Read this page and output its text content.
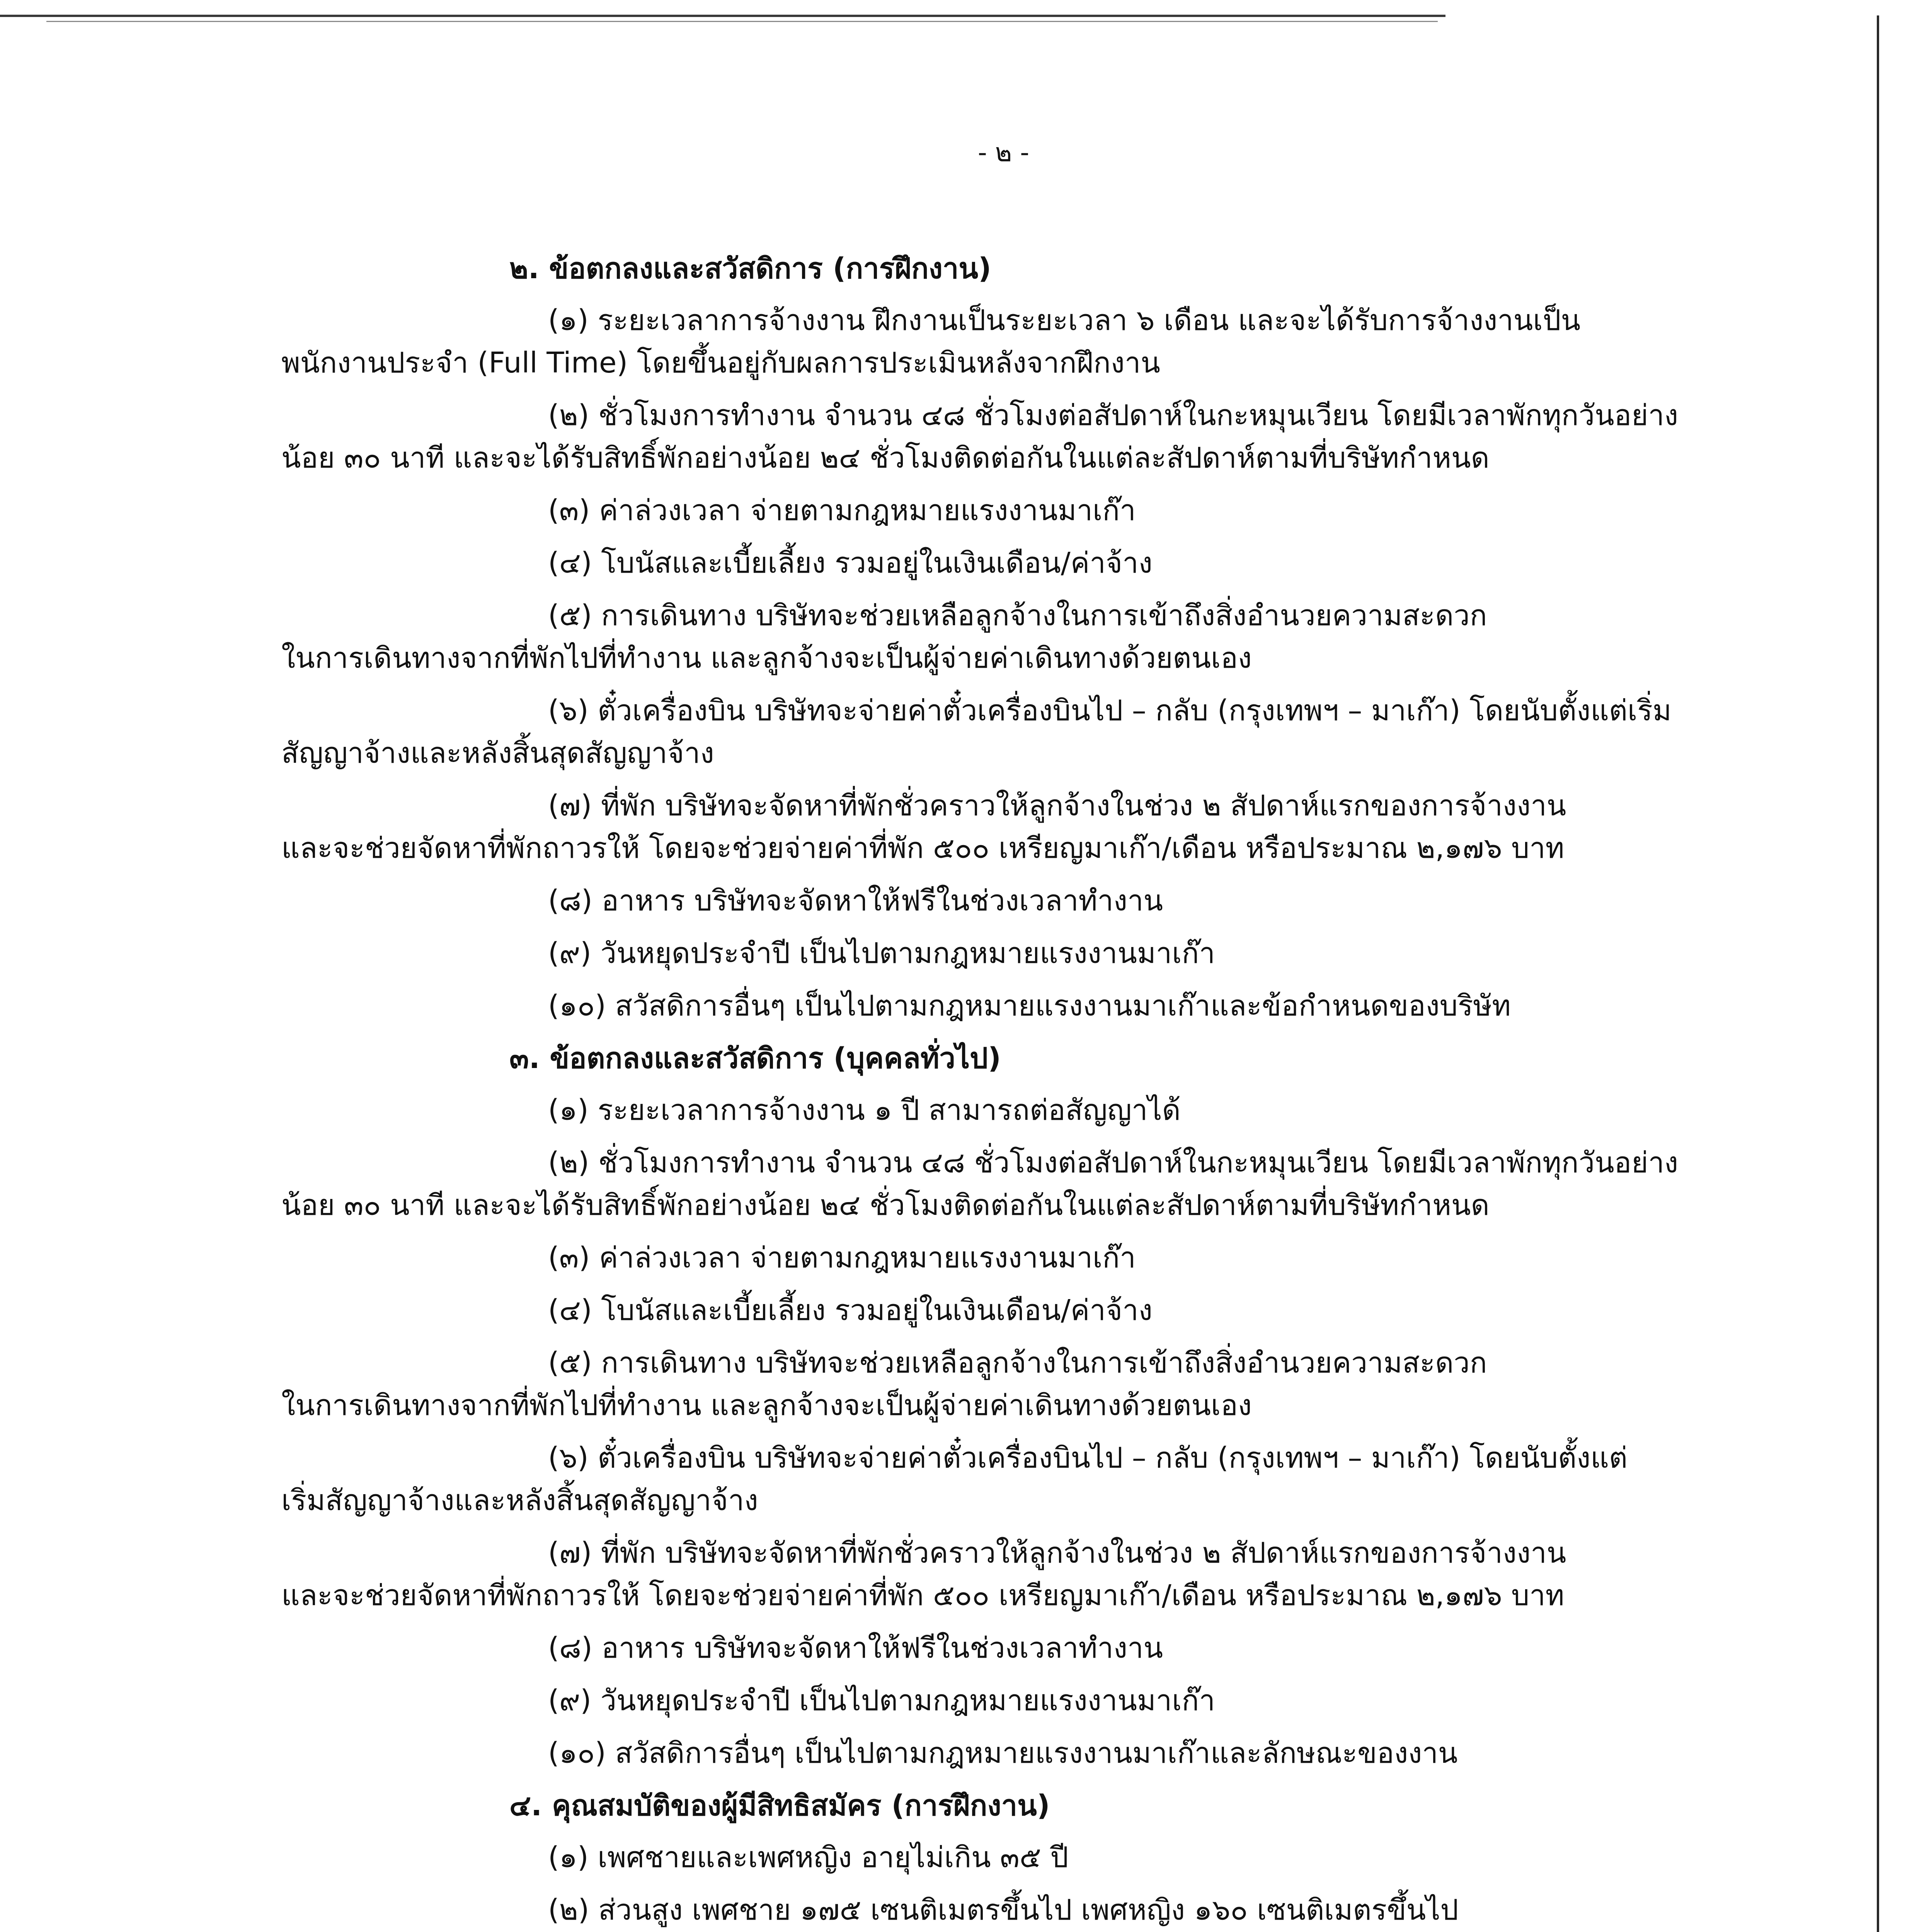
- ๒ -
๒. ข้อตกลงและสวัสดิการ (การฝึกงาน)
(๑) ระยะเวลาการจ้างงาน ฝึกงานเป็นระยะเวลา ๖ เดือน และจะได้รับการจ้างงานเป็น
พนักงานประจำ (Full Time) โดยขึ้นอยู่กับผลการประเมินหลังจากฝึกงาน
(๒) ชั่วโมงการทำงาน จำนวน ๔๘ ชั่วโมงต่อสัปดาห์ในกะหมุนเวียน โดยมีเวลาพักทุกวันอย่าง
น้อย ๓๐ นาที และจะได้รับสิทธิ์พักอย่างน้อย ๒๔ ชั่วโมงติดต่อกันในแต่ละสัปดาห์ตามที่บริษัทกำหนด
(๓) ค่าล่วงเวลา จ่ายตามกฎหมายแรงงานมาเก๊า
(๔) โบนัสและเบี้ยเลี้ยง รวมอยู่ในเงินเดือน/ค่าจ้าง
(๕) การเดินทาง บริษัทจะช่วยเหลือลูกจ้างในการเข้าถึงสิ่งอำนวยความสะดวก
ในการเดินทางจากที่พักไปที่ทำงาน และลูกจ้างจะเป็นผู้จ่ายค่าเดินทางด้วยตนเอง
(๖) ตั๋วเครื่องบิน บริษัทจะจ่ายค่าตั๋วเครื่องบินไป – กลับ (กรุงเทพฯ – มาเก๊า) โดยนับตั้งแต่เริ่ม
สัญญาจ้างและหลังสิ้นสุดสัญญาจ้าง
(๗) ที่พัก บริษัทจะจัดหาที่พักชั่วคราวให้ลูกจ้างในช่วง ๒ สัปดาห์แรกของการจ้างงาน
และจะช่วยจัดหาที่พักถาวรให้ โดยจะช่วยจ่ายค่าที่พัก ๕๐๐ เหรียญมาเก๊า/เดือน หรือประมาณ ๒,๑๗๖ บาท
(๘) อาหาร บริษัทจะจัดหาให้ฟรีในช่วงเวลาทำงาน
(๙) วันหยุดประจำปี เป็นไปตามกฎหมายแรงงานมาเก๊า
(๑๐) สวัสดิการอื่นๆ เป็นไปตามกฎหมายแรงงานมาเก๊าและข้อกำหนดของบริษัท
๓. ข้อตกลงและสวัสดิการ (บุคคลทั่วไป)
(๑) ระยะเวลาการจ้างงาน ๑ ปี สามารถต่อสัญญาได้
(๒) ชั่วโมงการทำงาน จำนวน ๔๘ ชั่วโมงต่อสัปดาห์ในกะหมุนเวียน โดยมีเวลาพักทุกวันอย่าง
น้อย ๓๐ นาที และจะได้รับสิทธิ์พักอย่างน้อย ๒๔ ชั่วโมงติดต่อกันในแต่ละสัปดาห์ตามที่บริษัทกำหนด
(๓) ค่าล่วงเวลา จ่ายตามกฎหมายแรงงานมาเก๊า
(๔) โบนัสและเบี้ยเลี้ยง รวมอยู่ในเงินเดือน/ค่าจ้าง
(๕) การเดินทาง บริษัทจะช่วยเหลือลูกจ้างในการเข้าถึงสิ่งอำนวยความสะดวก
ในการเดินทางจากที่พักไปที่ทำงาน และลูกจ้างจะเป็นผู้จ่ายค่าเดินทางด้วยตนเอง
(๖) ตั๋วเครื่องบิน บริษัทจะจ่ายค่าตั๋วเครื่องบินไป – กลับ (กรุงเทพฯ – มาเก๊า) โดยนับตั้งแต่
เริ่มสัญญาจ้างและหลังสิ้นสุดสัญญาจ้าง
(๗) ที่พัก บริษัทจะจัดหาที่พักชั่วคราวให้ลูกจ้างในช่วง ๒ สัปดาห์แรกของการจ้างงาน
และจะช่วยจัดหาที่พักถาวรให้ โดยจะช่วยจ่ายค่าที่พัก ๕๐๐ เหรียญมาเก๊า/เดือน หรือประมาณ ๒,๑๗๖ บาท
(๘) อาหาร บริษัทจะจัดหาให้ฟรีในช่วงเวลาทำงาน
(๙) วันหยุดประจำปี เป็นไปตามกฎหมายแรงงานมาเก๊า
(๑๐) สวัสดิการอื่นๆ เป็นไปตามกฎหมายแรงงานมาเก๊าและลักษณะของงาน
๔. คุณสมบัติของผู้มีสิทธิสมัคร (การฝึกงาน)
(๑) เพศชายและเพศหญิง อายุไม่เกิน ๓๕ ปี
(๒) ส่วนสูง เพศชาย ๑๗๕ เซนติเมตรขึ้นไป เพศหญิง ๑๖๐ เซนติเมตรขึ้นไป
